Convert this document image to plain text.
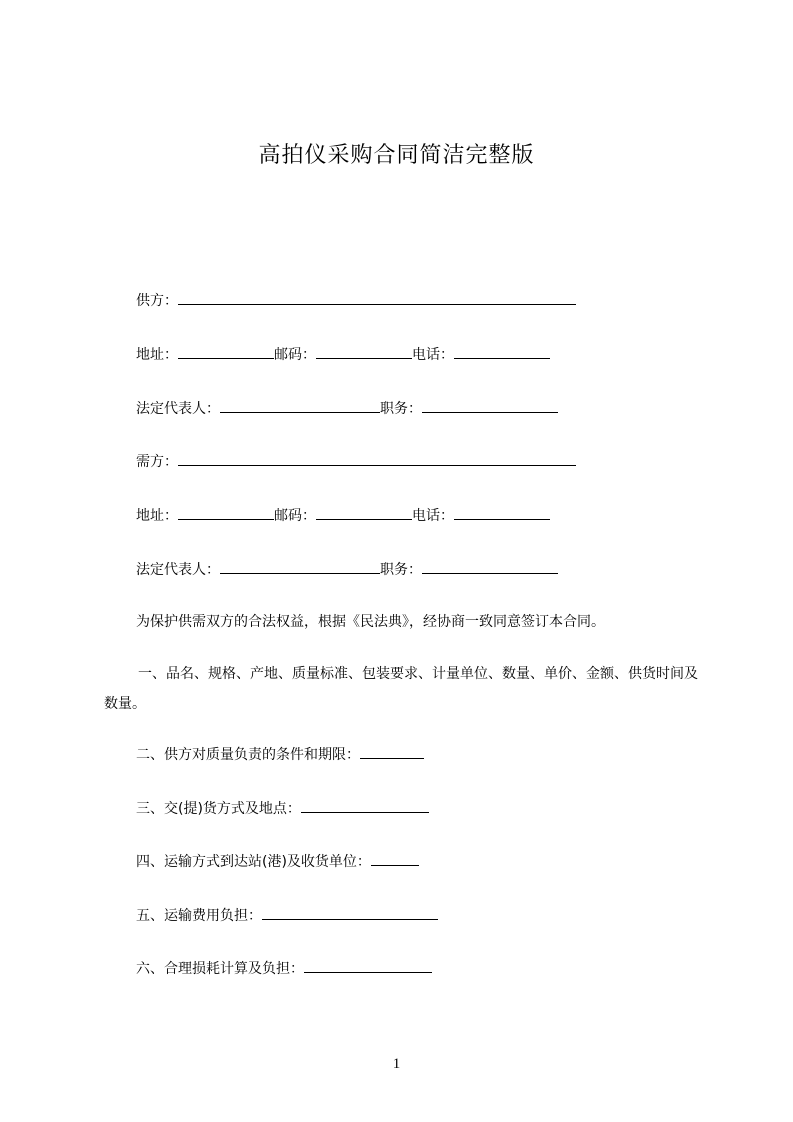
高拍仪采购合同简洁完整版
供方：
地址：	邮码：	电话：
法定代表人：	职务：
需方：
地址：	邮码：	电话：
法定代表人：	职务：
为保护供需双方的合法权益，根据《民法典》，经协商一致同意签订本合同。
一、品名、规格、产地、质量标准、包装要求、计量单位、数量、单价、金额、供货时间及数量。
二、供方对质量负责的条件和期限：
三、交(提)货方式及地点：
四、运输方式到达站(港)及收货单位：
五、运输费用负担：
六、合理损耗计算及负担：
1
